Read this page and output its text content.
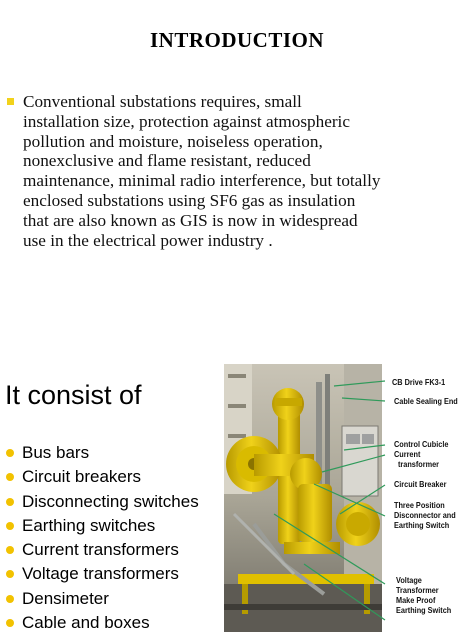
INTRODUCTION

Conventional substations requires, small
installation size, protection against atmospheric
pollution and moisture, noiseless operation,
nonexclusive and flame resistant, reduced
maintenance, minimal radio interference, but totally
enclosed substations using SF6 gas as insulation
that are also known as GIS is now in widespread
use in the electrical power industry .

It consist of
Bus bars
Circuit breakers
Disconnecting switches
Earthing switches
Current transformers
Voltage transformers
Densimeter
Cable and boxes
CB Drive FK3-1
Cable Sealing End
Control Cubicle
Current
transformer
Circuit Breaker
Three Position
Disconnector and
Earthing Switch
Voltage
Transformer
Make Proof
Earthing Switch
